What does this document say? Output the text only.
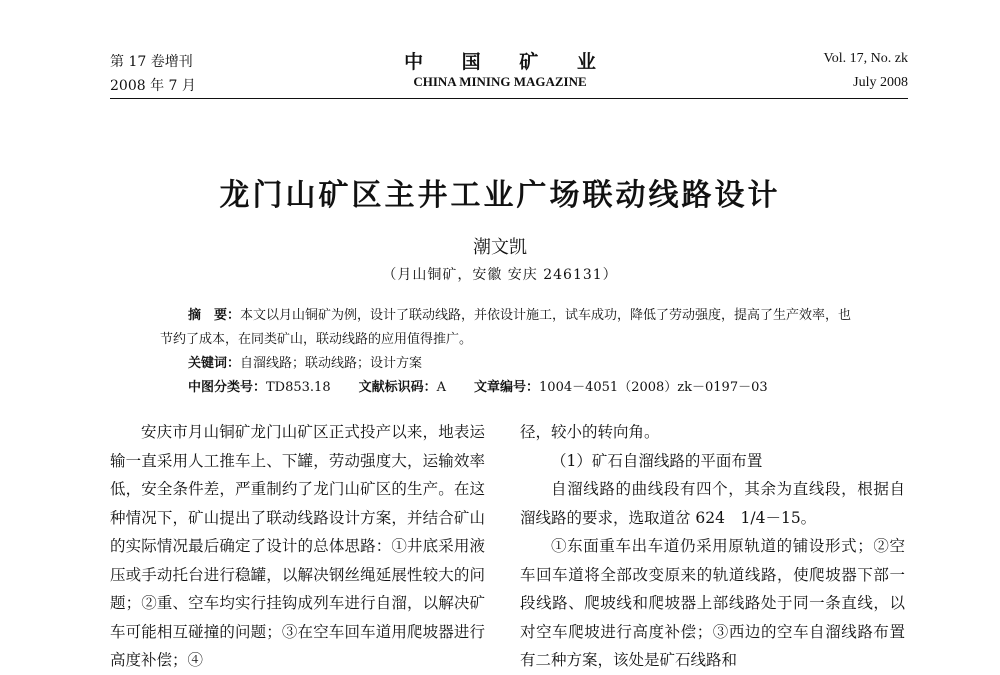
第 17 卷增刊
2008 年 7 月
中 国 矿 业
CHINA MINING MAGAZINE
Vol. 17, No. zk
July 2008
龙门山矿区主井工业广场联动线路设计
潮文凯
（月山铜矿，安徽 安庆 246131）

摘　要：本文以月山铜矿为例，设计了联动线路，并依设计施工，试车成功，降低了劳动强度，提高了生产效率，也节约了成本，在同类矿山，联动线路的应用值得推广。

关键词：自溜线路；联动线路；设计方案

中图分类号：TD853.18 文献标识码：A 文章编号：1004－4051（2008）zk－0197－03

安庆市月山铜矿龙门山矿区正式投产以来，地表运输一直采用人工推车上、下罐，劳动强度大，运输效率低，安全条件差，严重制约了龙门山矿区的生产。在这种情况下，矿山提出了联动线路设计方案，并结合矿山的实际情况最后确定了设计的总体思路：①井底采用液压或手动托台进行稳罐，以解决钢丝绳延展性较大的问题；②重、空车均实行挂钩成列车进行自溜，以解决矿车可能相互碰撞的问题；③在空车回车道用爬坡器进行高度补偿；④

径，较小的转向角。

（1）矿石自溜线路的平面布置

自溜线路的曲线段有四个，其余为直线段，根据自溜线路的要求，选取道岔 624　1/4－15。

①东面重车出车道仍采用原轨道的铺设形式；②空车回车道将全部改变原来的轨道线路，使爬坡器下部一段线路、爬坡线和爬坡器上部线路处于同一条直线，以对空车爬坡进行高度补偿；③西边的空车自溜线路布置有二种方案，该处是矿石线路和
